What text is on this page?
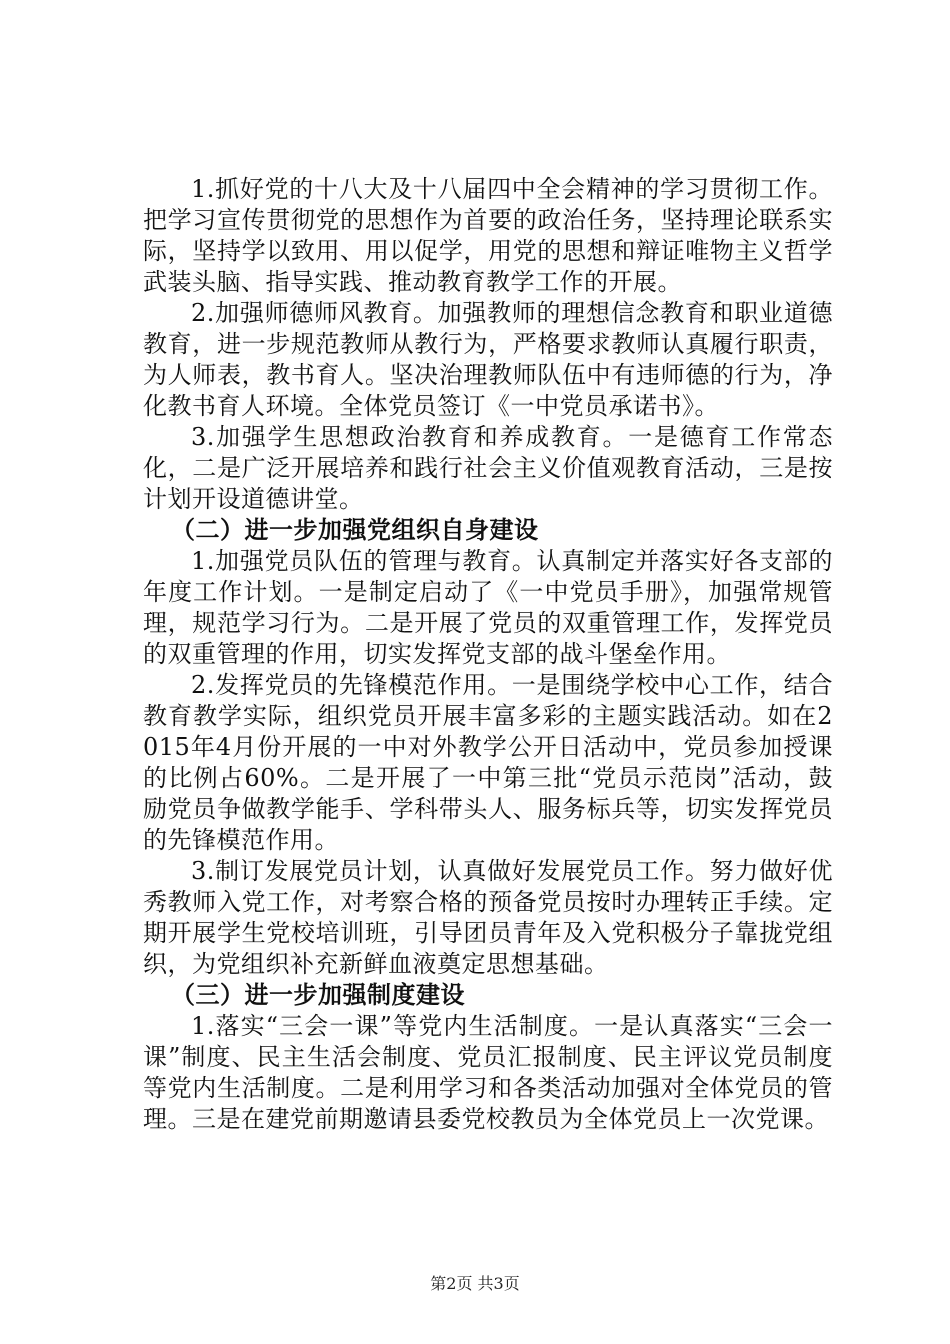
1.抓好党的十八大及十八届四中全会精神的学习贯彻工作。把学习宣传贯彻党的思想作为首要的政治任务，坚持理论联系实际，坚持学以致用、用以促学，用党的思想和辩证唯物主义哲学武装头脑、指导实践、推动教育教学工作的开展。

2.加强师德师风教育。加强教师的理想信念教育和职业道德教育，进一步规范教师从教行为，严格要求教师认真履行职责，为人师表，教书育人。坚决治理教师队伍中有违师德的行为，净化教书育人环境。全体党员签订《一中党员承诺书》。

3.加强学生思想政治教育和养成教育。一是德育工作常态化，二是广泛开展培养和践行社会主义价值观教育活动，三是按计划开设道德讲堂。

（二）进一步加强党组织自身建设

1.加强党员队伍的管理与教育。认真制定并落实好各支部的年度工作计划。一是制定启动了《一中党员手册》，加强常规管理，规范学习行为。二是开展了党员的双重管理工作，发挥党员的双重管理的作用，切实发挥党支部的战斗堡垒作用。

2.发挥党员的先锋模范作用。一是围绕学校中心工作，结合教育教学实际，组织党员开展丰富多彩的主题实践活动。如在2015年4月份开展的一中对外教学公开日活动中，党员参加授课的比例占60%。二是开展了一中第三批“党员示范岗”活动，鼓励党员争做教学能手、学科带头人、服务标兵等，切实发挥党员的先锋模范作用。

3.制订发展党员计划，认真做好发展党员工作。努力做好优秀教师入党工作，对考察合格的预备党员按时办理转正手续。定期开展学生党校培训班，引导团员青年及入党积极分子靠拢党组织，为党组织补充新鲜血液奠定思想基础。

（三）进一步加强制度建设

1.落实“三会一课”等党内生活制度。一是认真落实“三会一课”制度、民主生活会制度、党员汇报制度、民主评议党员制度等党内生活制度。二是利用学习和各类活动加强对全体党员的管理。三是在建党前期邀请县委党校教员为全体党员上一次党课。

第2页 共3页
